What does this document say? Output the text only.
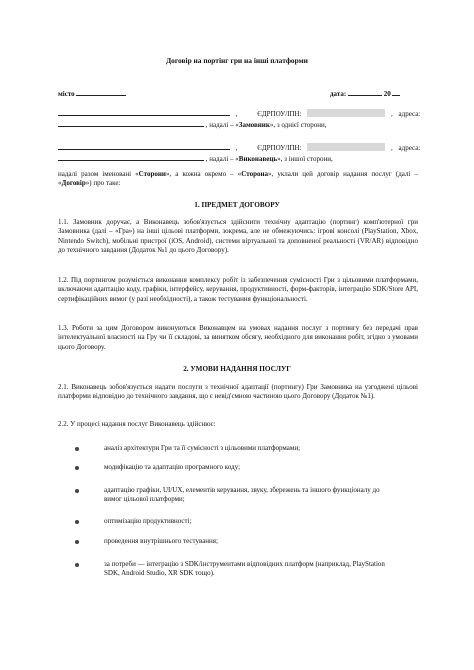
Договір на портінг гри на інші платформи
місто	дата:	20
,	ЄДРПОУ/ІПН:	, адреса:
, надалі – «Замовник», з однієї сторони,
,	ЄДРПОУ/ІПН:	, адреса:
, надалі – «Виконавець», з іншої сторони,
надалі разом іменовані «Сторони», а кожна окремо – «Сторона», уклали цей договір надання послуг (далі – «Договір») про таке:
1. ПРЕДМЕТ ДОГОВОРУ
1.1. Замовник доручає, а Виконавець зобов'язується здійснити технічну адаптацію (портинг) комп'ютерної гри Замовника (далі – «Гра») на інші цільові платформи, зокрема, але не обмежуючись: ігрові консолі (PlayStation, Xbox, Nintendo Switch), мобільні пристрої (iOS, Android), системи віртуальної та доповненої реальності (VR/AR) відповідно до технічного завдання (Додаток №1 до цього Договору).
1.2. Під портингом розуміється виконання комплексу робіт із забезпечення сумісності Гри з цільовими платформами, включаючи адаптацію коду, графіки, інтерфейсу, керування, продуктивності, форм-факторів, інтеграцію SDK/Store API, сертифікаційних вимог (у разі необхідності), а також тестування функціональності.
1.3. Роботи за цим Договором виконуються Виконавцем на умовах надання послуг з портингу без передачі прав інтелектуальної власності на Гру чи її складові, за винятком обсягу, необхідного для виконання робіт, згідно з умовами цього Договору.
2. УМОВИ НАДАННЯ ПОСЛУГ
2.1. Виконавець зобов'язується надати послуги з технічної адаптації (портингу) Гри Замовника на узгоджені цільові платформи відповідно до технічного завдання, що є невід'ємною частиною цього Договору (Додаток №1).
2.2. У процесі надання послуг Виконавець здійснює:
аналіз архітектури Гри та її сумісності з цільовими платформами;
модифікацію та адаптацію програмного коду;
адаптацію графіки, UI/UX, елементів керування, звуку, збережень та іншого функціоналу до вимог цільової платформи;
оптимізацію продуктивності;
проведення внутрішнього тестування;
за потреби — інтеграцію з SDK/інструментами відповідних платформ (наприклад, PlayStation SDK, Android Studio, XR SDK тощо).
